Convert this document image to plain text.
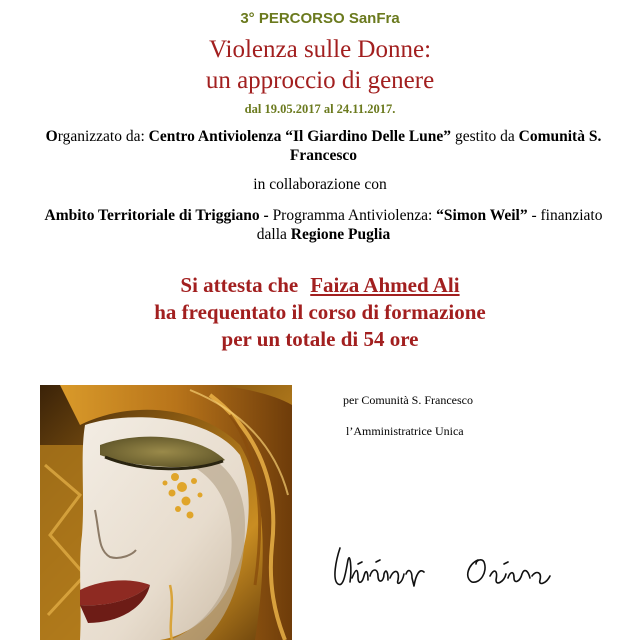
3° PERCORSO SanFra
Violenza sulle Donne:
un approccio di genere
dal 19.05.2017 al 24.11.2017.
Organizzato da: Centro Antiviolenza “Il Giardino Delle Lune” gestito da Comunità S. Francesco
in collaborazione con
Ambito Territoriale di Triggiano - Programma Antiviolenza: “Simon Weil” - finanziato dalla Regione Puglia
Si attesta che Faiza Ahmed Ali
ha frequentato il corso di formazione
per un totale di 54 ore
per Comunità S. Francesco
l’Amministratrice Unica
